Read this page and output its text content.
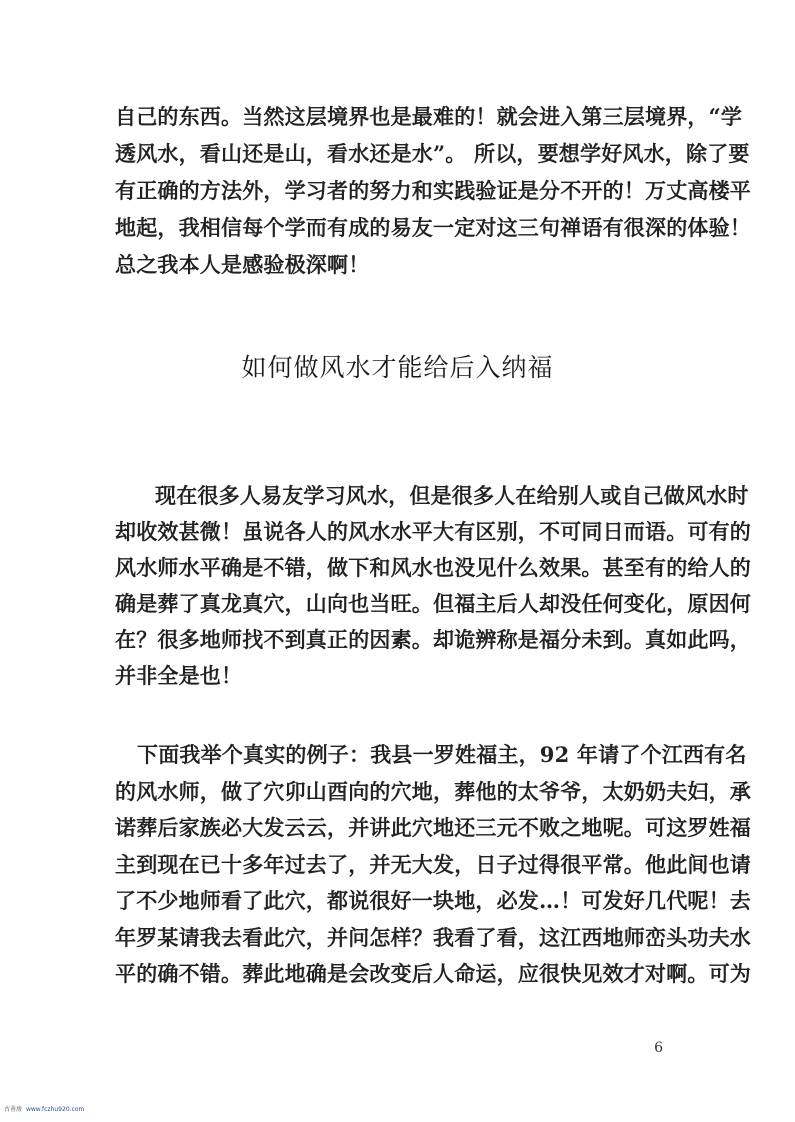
自己的东西。当然这层境界也是最难的！就会进入第三层境界，“学
透风水，看山还是山，看水还是水”。 所以，要想学好风水，除了要
有正确的方法外，学习者的努力和实践验证是分不开的！万丈高楼平
地起，我相信每个学而有成的易友一定对这三句禅语有很深的体验！
总之我本人是感验极深啊！
如何做风水才能给后入纳福
现在很多人易友学习风水，但是很多人在给别人或自己做风水时
却收效甚微！虽说各人的风水水平大有区别，不可同日而语。可有的
风水师水平确是不错，做下和风水也没见什么效果。甚至有的给人的
确是葬了真龙真穴，山向也当旺。但福主后人却没任何变化，原因何
在？很多地师找不到真正的因素。却诡辨称是福分未到。真如此吗，
并非全是也！
下面我举个真实的例子：我县一罗姓福主，92 年请了个江西有名
的风水师，做了穴卯山酉向的穴地，葬他的太爷爷，太奶奶夫妇，承
诺葬后家族必大发云云，并讲此穴地还三元不败之地呢。可这罗姓福
主到现在已十多年过去了，并无大发，日子过得很平常。他此间也请
了不少地师看了此穴，都说很好一块地，必发…！可发好几代呢！去
年罗某请我去看此穴，并问怎样？我看了看，这江西地师峦头功夫水
平的确不错。葬此地确是会改变后人命运，应很快见效才对啊。可为
6
古善房 www.fczhu920.com
